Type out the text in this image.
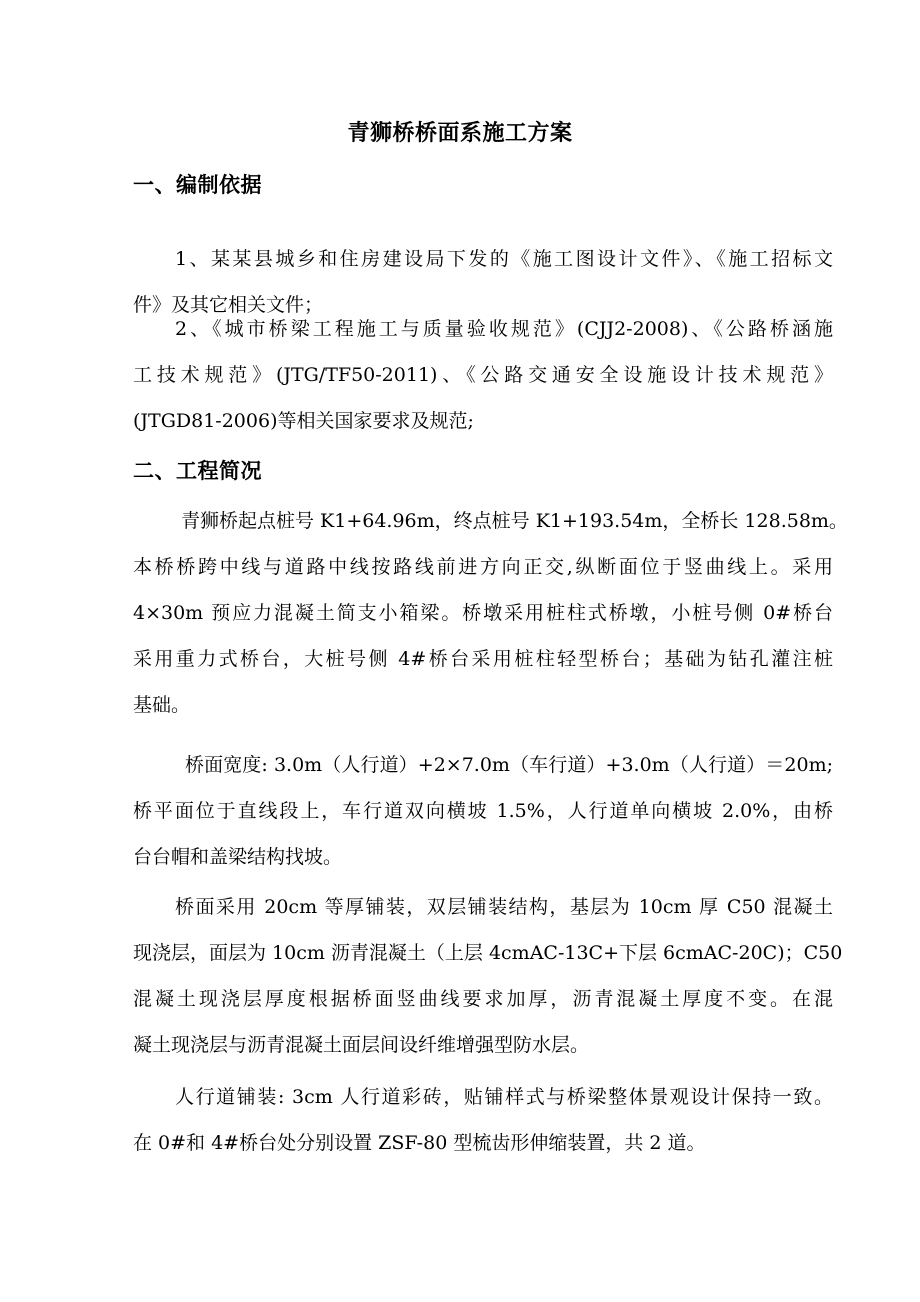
青狮桥桥面系施工方案
一、编制依据
1、某某县城乡和住房建设局下发的《施工图设计文件》、《施工招标文
件》及其它相关文件；
2、《城市桥梁工程施工与质量验收规范》(CJJ2-2008)、《公路桥涵施
工技术规范》(JTG/TF50-2011)、《公路交通安全设施设计技术规范》
(JTGD81-2006)等相关国家要求及规范;
二、工程简况
青狮桥起点桩号 K1+64.96m，终点桩号 K1+193.54m，全桥长 128.58m。
本桥桥跨中线与道路中线按路线前进方向正交,纵断面位于竖曲线上。采用
4×30m 预应力混凝土简支小箱梁。桥墩采用桩柱式桥墩，小桩号侧 0#桥台
采用重力式桥台，大桩号侧 4#桥台采用桩柱轻型桥台；基础为钻孔灌注桩
基础。
桥面宽度: 3.0m（人行道）+2×7.0m（车行道）+3.0m（人行道）＝20m;
桥平面位于直线段上，车行道双向横坡 1.5%，人行道单向横坡 2.0%，由桥
台台帽和盖梁结构找坡。
桥面采用 20cm 等厚铺装，双层铺装结构，基层为 10cm 厚 C50 混凝土
现浇层，面层为 10cm 沥青混凝土（上层 4cmAC-13C+下层 6cmAC-20C)；C50
混凝土现浇层厚度根据桥面竖曲线要求加厚，沥青混凝土厚度不变。在混
凝土现浇层与沥青混凝土面层间设纤维增强型防水层。
人行道铺装: 3cm 人行道彩砖，贴铺样式与桥梁整体景观设计保持一致。
在 0#和 4#桥台处分别设置 ZSF-80 型梳齿形伸缩装置，共 2 道。
